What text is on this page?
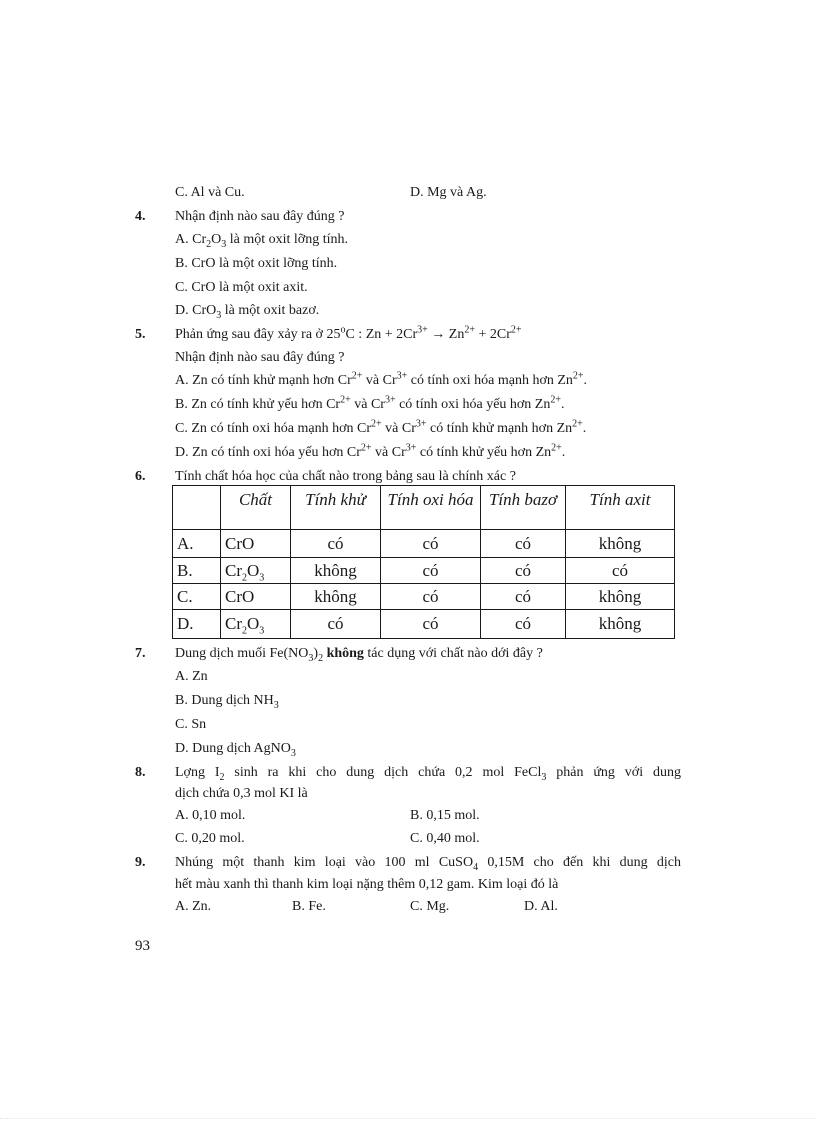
C. Al và Cu.	D. Mg và Ag.
4. Nhận định nào sau đây đúng ?
A. $Cr_2O_3$ là một oxit lỡng tính.
B. CrO là một oxit lỡng tính.
C. CrO là một oxit axit.
D. CrO$_3$ là một oxit bazơ.
5. Phản ứng sau đây xảy ra ở 25$^o$C : $Zn + 2Cr^{3+} \to Zn^{2+} + 2Cr^{2+}$
Nhận định nào sau đây đúng ?
A. Zn có tính khử mạnh hơn $Cr^{2+}$ và $Cr^{3+}$ có tính oxi hóa mạnh hơn $Zn^{2+}$.
B. Zn có tính khử yếu hơn $Cr^{2+}$ và $Cr^{3+}$ có tính oxi hóa yếu hơn $Zn^{2+}$.
C. Zn có tính oxi hóa mạnh hơn $Cr^{2+}$ và $Cr^{3+}$ có tính khử mạnh hơn $Zn^{2+}$.
D. Zn có tính oxi hóa yếu hơn $Cr^{2+}$ và $Cr^{3+}$ có tính khử yếu hơn $Zn^{2+}$.
6. Tính chất hóa học của chất nào trong bảng sau là chính xác ?
	Chất	Tính khử	Tính oxi hóa	Tính bazơ	Tính axit
A.	CrO	có	có	có	không
B.	$Cr_2O_3$	không	có	có	có
C.	CrO	không	có	có	không
D.	$Cr_2O_3$	có	có	có	không
7. Dung dịch muối $Fe(NO_3)_2$ không tác dụng với chất nào dới đây ?
A. Zn
B. Dung dịch $NH_3$
C. Sn
D. Dung dịch AgNO$_3$
8. Lợng $I_2$ sinh ra khi cho dung dịch chứa 0,2 mol FeCl$_3$ phản ứng với dung
dịch chứa 0,3 mol KI là
A. 0,10 mol.	B. 0,15 mol.
C. 0,20 mol.	C. 0,40 mol.
9. Nhúng một thanh kim loại vào 100 ml CuSO$_4$ 0,15M cho đến khi dung dịch
hết màu xanh thì thanh kim loại nặng thêm 0,12 gam. Kim loại đó là
A. Zn.	B. Fe.	C. Mg.	D. Al.
93
